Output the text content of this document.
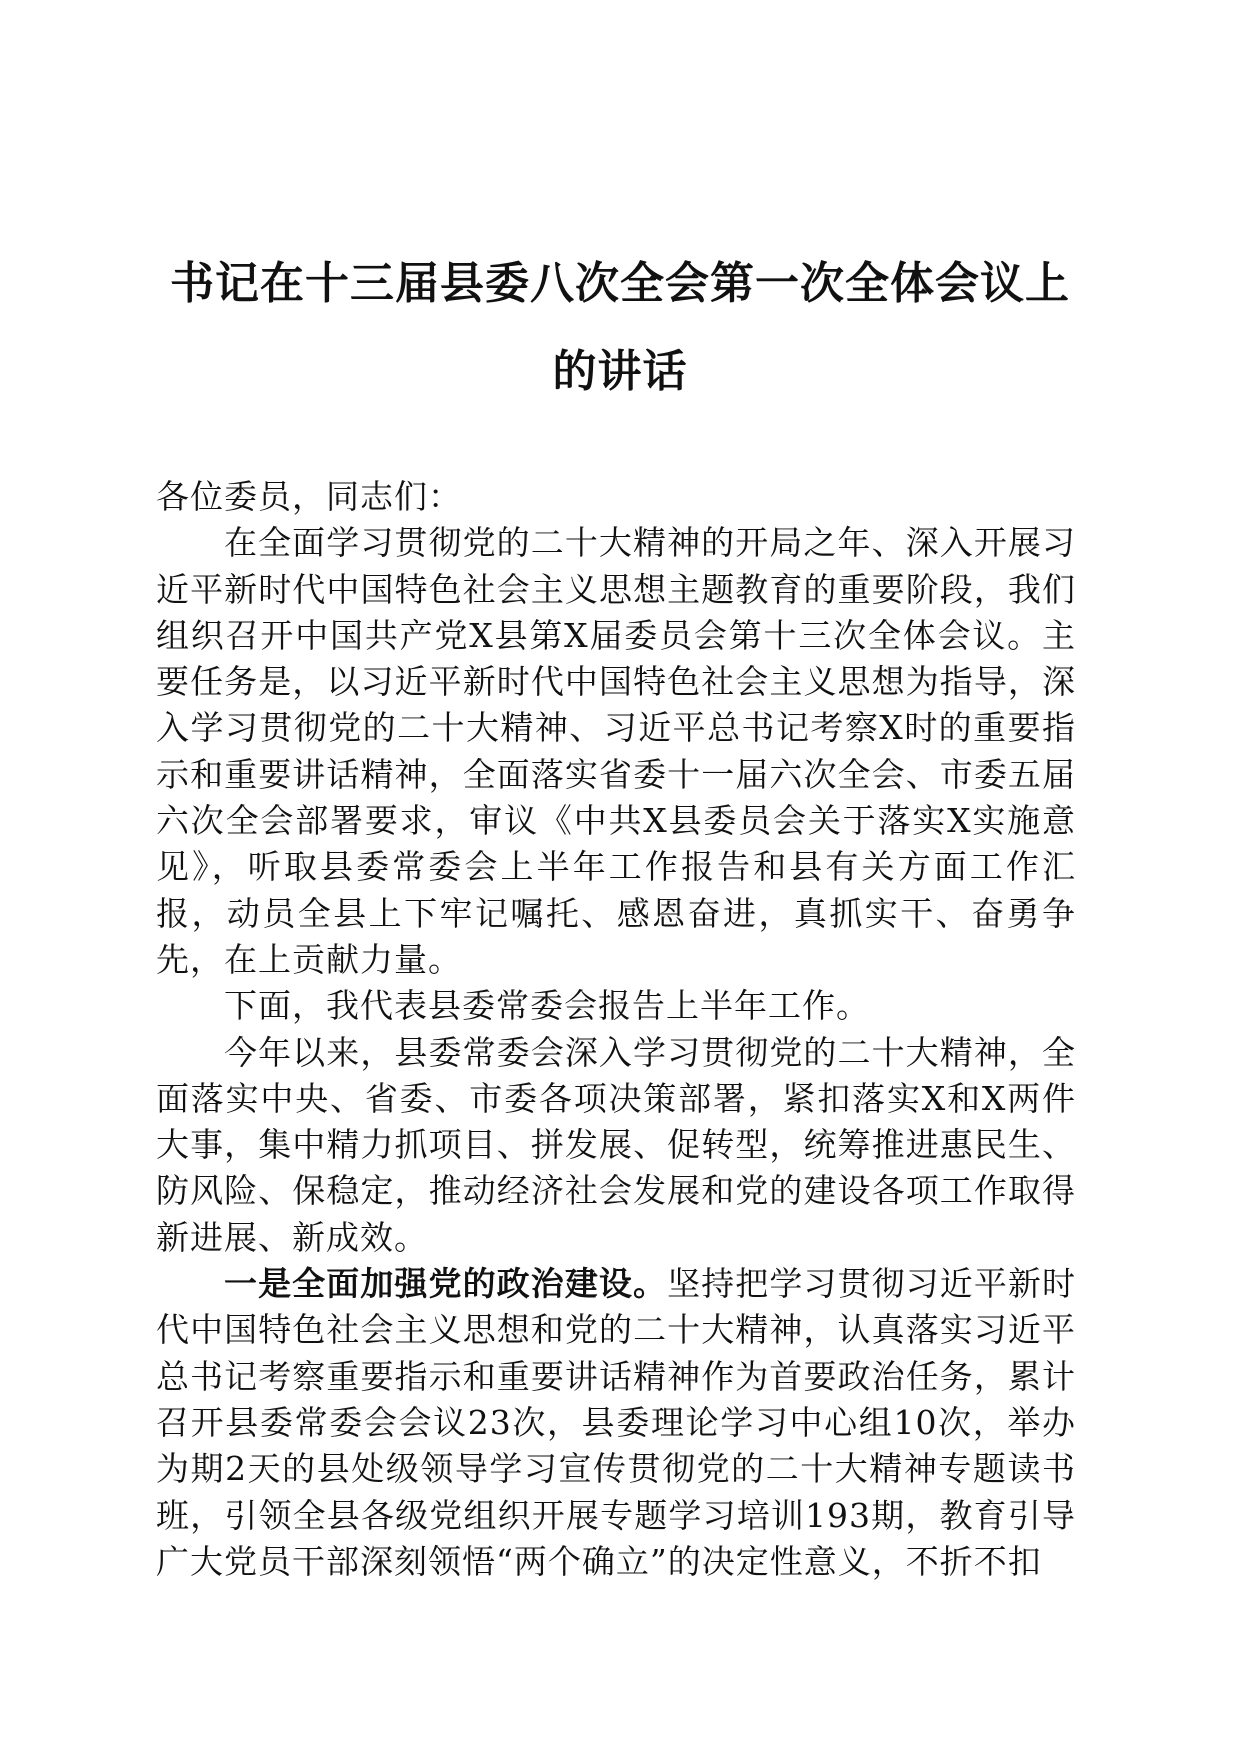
书记在十三届县委八次全会第一次全体会议上
的讲话

各位委员，同志们：

在全面学习贯彻党的二十大精神的开局之年、深入开展习近平新时代中国特色社会主义思想主题教育的重要阶段，我们组织召开中国共产党X县第X届委员会第十三次全体会议。主要任务是，以习近平新时代中国特色社会主义思想为指导，深入学习贯彻党的二十大精神、习近平总书记考察X时的重要指示和重要讲话精神，全面落实省委十一届六次全会、市委五届六次全会部署要求，审议《中共X县委员会关于落实X实施意见》，听取县委常委会上半年工作报告和县有关方面工作汇报，动员全县上下牢记嘱托、感恩奋进，真抓实干、奋勇争先，在上贡献力量。

下面，我代表县委常委会报告上半年工作。

今年以来，县委常委会深入学习贯彻党的二十大精神，全面落实中央、省委、市委各项决策部署，紧扣落实X和X两件大事，集中精力抓项目、拼发展、促转型，统筹推进惠民生、防风险、保稳定，推动经济社会发展和党的建设各项工作取得新进展、新成效。

一是全面加强党的政治建设。坚持把学习贯彻习近平新时代中国特色社会主义思想和党的二十大精神，认真落实习近平总书记考察重要指示和重要讲话精神作为首要政治任务，累计召开县委常委会会议23次，县委理论学习中心组10次，举办为期2天的县处级领导学习宣传贯彻党的二十大精神专题读书班，引领全县各级党组织开展专题学习培训193期，教育引导广大党员干部深刻领悟“两个确立”的决定性意义，不折不扣
